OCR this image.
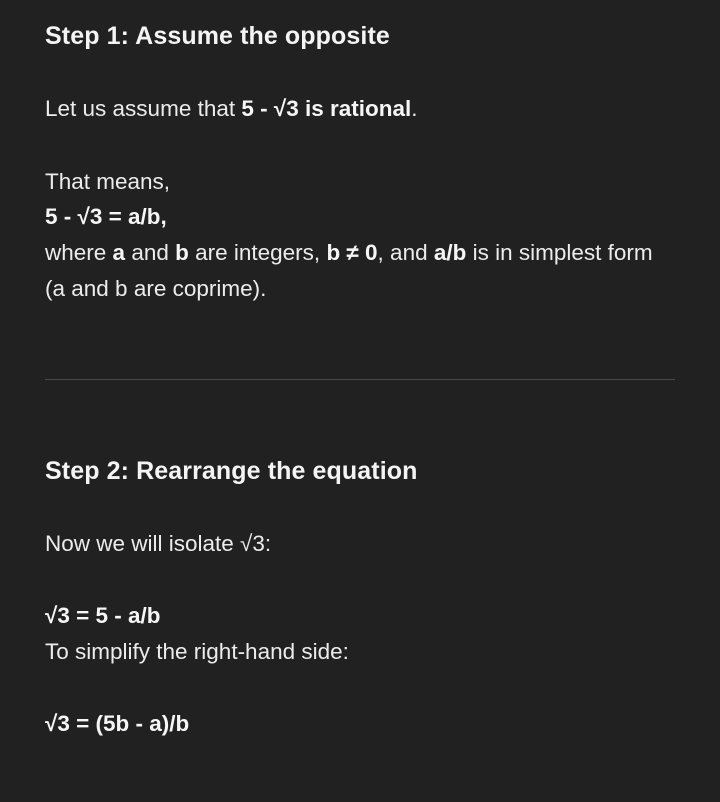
Step 1: Assume the opposite
Let us assume that 5 - √3 is rational.
That means,
5 - √3 = a/b,
where a and b are integers, b ≠ 0, and a/b is in simplest form (a and b are coprime).
Step 2: Rearrange the equation
Now we will isolate √3:
√3 = 5 - a/b
To simplify the right-hand side:
√3 = (5b - a)/b
